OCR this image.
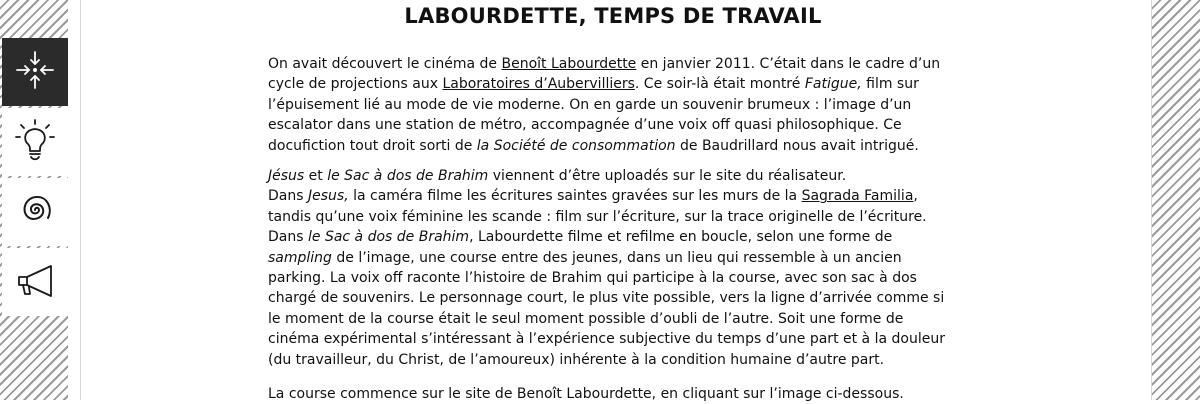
LABOURDETTE, TEMPS DE TRAVAIL

On avait découvert le cinéma de Benoît Labourdette en janvier 2011. C’était dans le cadre d’un cycle de projections aux Laboratoires d’Aubervilliers. Ce soir-là était montré Fatigue, film sur l’épuisement lié au mode de vie moderne. On en garde un souvenir brumeux : l’image d’un escalator dans une station de métro, accompagnée d’une voix off quasi philosophique. Ce docufiction tout droit sorti de la Société de consommation de Baudrillard nous avait intrigué.

Jésus et le Sac à dos de Brahim viennent d’être uploadés sur le site du réalisateur.
Dans Jesus, la caméra filme les écritures saintes gravées sur les murs de la Sagrada Familia, tandis qu’une voix féminine les scande : film sur l’écriture, sur la trace originelle de l’écriture.
Dans le Sac à dos de Brahim, Labourdette filme et refilme en boucle, selon une forme de sampling de l’image, une course entre des jeunes, dans un lieu qui ressemble à un ancien parking. La voix off raconte l’histoire de Brahim qui participe à la course, avec son sac à dos chargé de souvenirs. Le personnage court, le plus vite possible, vers la ligne d’arrivée comme si le moment de la course était le seul moment possible d’oubli de l’autre. Soit une forme de cinéma expérimental s’intéressant à l’expérience subjective du temps d’une part et à la douleur (du travailleur, du Christ, de l’amoureux) inhérente à la condition humaine d’autre part.

La course commence sur le site de Benoît Labourdette, en cliquant sur l’image ci-dessous.
